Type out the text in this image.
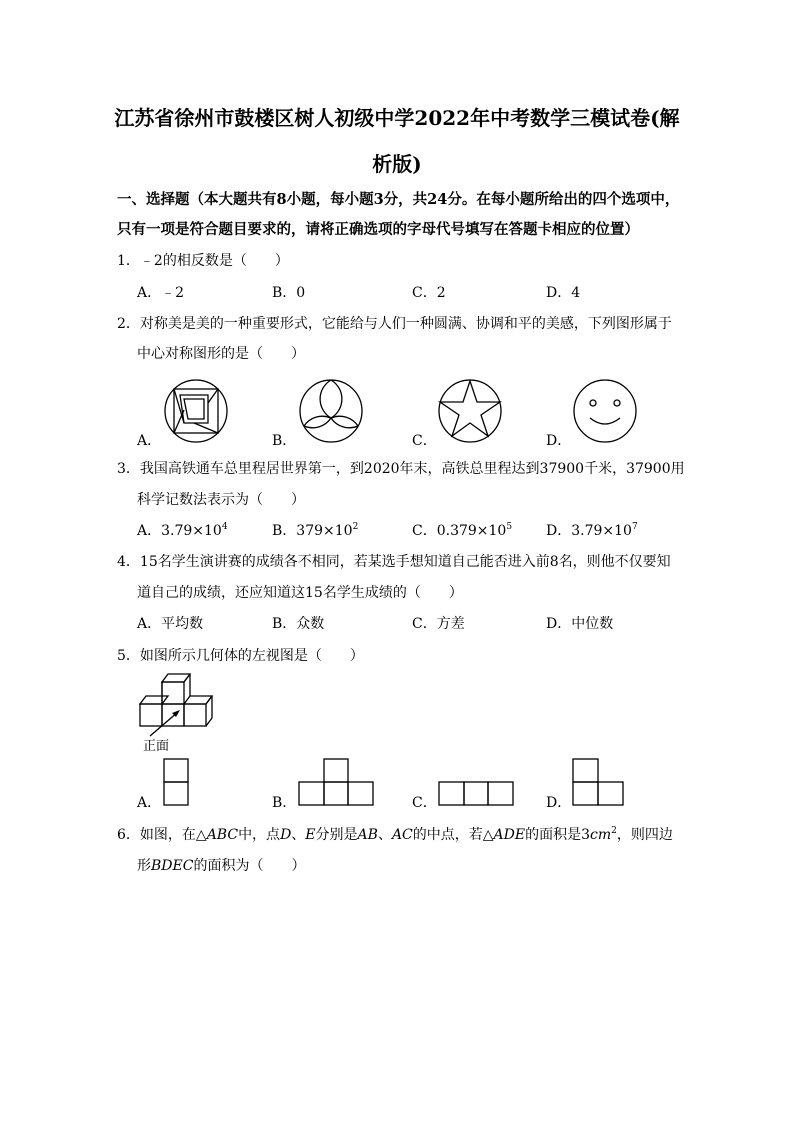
江苏省徐州市鼓楼区树人初级中学2022年中考数学三模试卷(解
析版)
一、选择题（本大题共有8小题，每小题3分，共24分。在每小题所给出的四个选项中，
只有一项是符合题目要求的，请将正确选项的字母代号填写在答题卡相应的位置）
1．﹣2的相反数是（　　）
A．﹣2	B．0	C．2	D．4
2．对称美是美的一种重要形式，它能给与人们一种圆满、协调和平的美感，下列图形属于
中心对称图形的是（　　）
A．	B．	C．	D．
3．我国高铁通车总里程居世界第一，到2020年末，高铁总里程达到37900千米，37900用
科学记数法表示为（　　）
A．$3.79\times 10^4$	B．$379\times 10^2$	C．$0.379\times 10^5$ D．$3.79\times 10^7$
4．15名学生演讲赛的成绩各不相同，若某选手想知道自己能否进入前8名，则他不仅要知
道自己的成绩，还应知道这15名学生成绩的（　　）
A．平均数	B．众数	C．方差	D．中位数
5．如图所示几何体的左视图是（　　）
正面
A．	B．	C．	D．
6．如图，在△ABC中，点D、E分别是AB、AC的中点，若△ADE的面积是$3cm^2$，则四边
形BDEC的面积为（　　）
